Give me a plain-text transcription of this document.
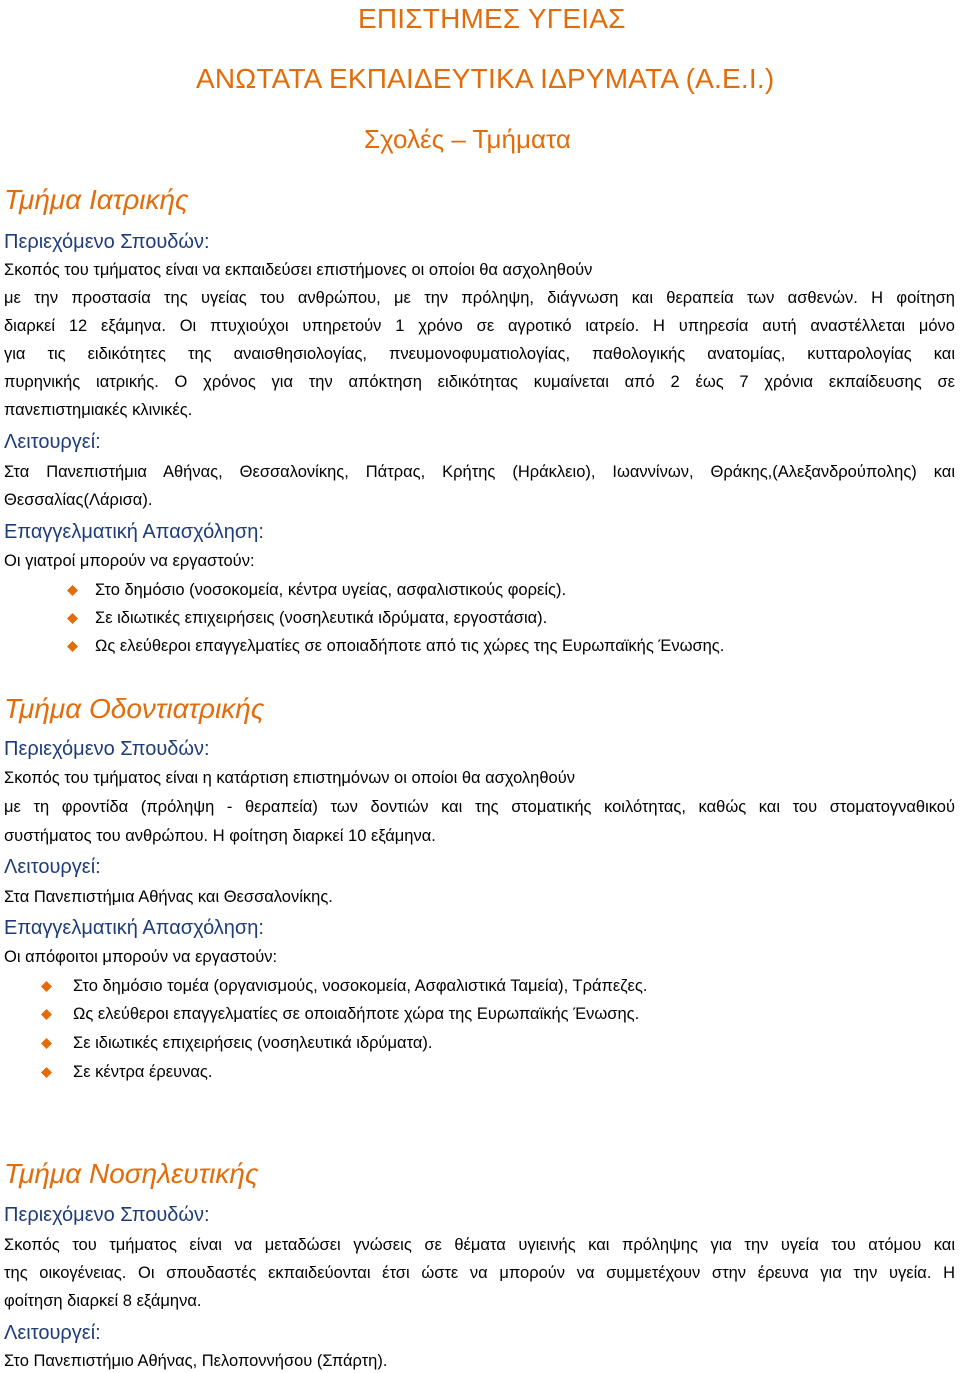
ΕΠΙΣΤΗΜΕΣ ΥΓΕΙΑΣ
ΑΝΩΤΑΤΑ ΕΚΠΑΙΔΕΥΤΙΚΑ ΙΔΡΥΜΑΤΑ (Α.Ε.Ι.)
Σχολές – Τμήματα
Τμήμα Ιατρικής
Περιεχόμενο Σπουδών:
Σκοπός του τμήματος είναι να εκπαιδεύσει επιστήμονες οι οποίοι θα ασχοληθούν
με την προστασία της υγείας του ανθρώπου, με την πρόληψη, διάγνωση και θεραπεία των ασθενών. Η φοίτηση
διαρκεί 12 εξάμηνα. Οι πτυχιούχοι υπηρετούν 1 χρόνο σε αγροτικό ιατρείο. Η υπηρεσία αυτή αναστέλλεται μόνο
για τις ειδικότητες της αναισθησιολογίας, πνευμονοφυματιολογίας, παθολογικής ανατομίας, κυτταρολογίας και
πυρηνικής ιατρικής. Ο χρόνος για την απόκτηση ειδικότητας κυμαίνεται από 2 έως 7 χρόνια εκπαίδευσης σε
πανεπιστημιακές κλινικές.
Λειτουργεί:
Στα Πανεπιστήμια Αθήνας, Θεσσαλονίκης, Πάτρας, Κρήτης (Ηράκλειο), Ιωαννίνων, Θράκης,(Αλεξανδρούπολης) και
Θεσσαλίας(Λάρισα).
Επαγγελματική Απασχόληση:
Οι γιατροί μπορούν να εργαστούν:
Στο δημόσιο (νοσοκομεία, κέντρα υγείας, ασφαλιστικούς φορείς).
Σε ιδιωτικές επιχειρήσεις (νοσηλευτικά ιδρύματα, εργοστάσια).
Ως ελεύθεροι επαγγελματίες σε οποιαδήποτε από τις χώρες της Ευρωπαϊκής Ένωσης.
Τμήμα Οδοντιατρικής
Περιεχόμενο Σπουδών:
Σκοπός του τμήματος είναι η κατάρτιση επιστημόνων οι οποίοι θα ασχοληθούν
με τη φροντίδα (πρόληψη - θεραπεία) των δοντιών και της στοματικής κοιλότητας, καθώς και του στοματογναθικού
συστήματος του ανθρώπου. Η φοίτηση διαρκεί 10 εξάμηνα.
Λειτουργεί:
Στα Πανεπιστήμια Αθήνας και Θεσσαλονίκης.
Επαγγελματική Απασχόληση:
Οι απόφοιτοι μπορούν να εργαστούν:
Στο δημόσιο τομέα (οργανισμούς, νοσοκομεία, Ασφαλιστικά Ταμεία), Τράπεζες.
Ως ελεύθεροι επαγγελματίες σε οποιαδήποτε χώρα της Ευρωπαϊκής Ένωσης.
Σε ιδιωτικές επιχειρήσεις (νοσηλευτικά ιδρύματα).
Σε κέντρα έρευνας.
Τμήμα Νοσηλευτικής
Περιεχόμενο Σπουδών:
Σκοπός του τμήματος είναι να μεταδώσει γνώσεις σε θέματα υγιεινής και πρόληψης για την υγεία του ατόμου και
της οικογένειας. Οι σπουδαστές εκπαιδεύονται έτσι ώστε να μπορούν να συμμετέχουν στην έρευνα για την υγεία. Η
φοίτηση διαρκεί 8 εξάμηνα.
Λειτουργεί:
Στο Πανεπιστήμιο Αθήνας, Πελοποννήσου (Σπάρτη).
